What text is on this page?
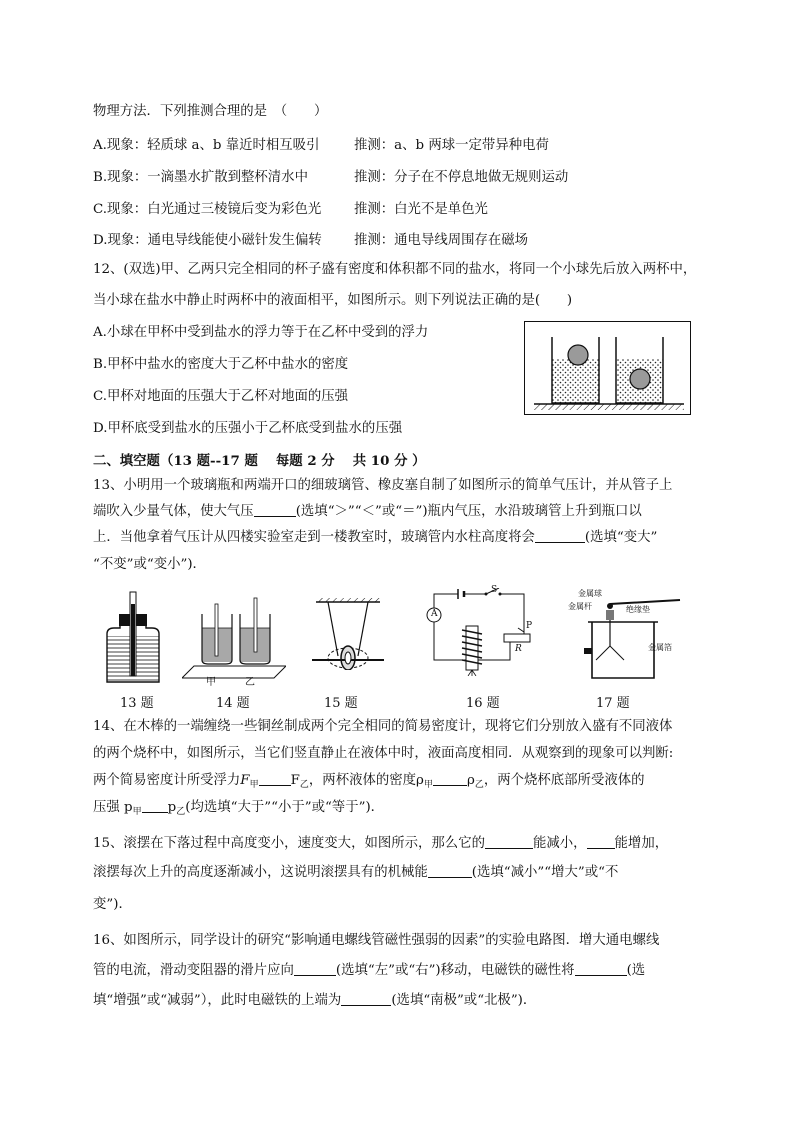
物理方法．下列推测合理的是　（　　）
A.现象：轻质球 a、b 靠近时相互吸引	推测：a、b 两球一定带异种电荷
B.现象：一滴墨水扩散到整杯清水中	推测：分子在不停息地做无规则运动
C.现象：白光通过三棱镜后变为彩色光 推测：白光不是单色光
D.现象：通电导线能使小磁针发生偏转 推测：通电导线周围存在磁场
12、(双选)甲、乙两只完全相同的杯子盛有密度和体积都不同的盐水，将同一个小球先后放入两杯中，
当小球在盐水中静止时两杯中的液面相平，如图所示。则下列说法正确的是(　　)
A.小球在甲杯中受到盐水的浮力等于在乙杯中受到的浮力
B.甲杯中盐水的密度大于乙杯中盐水的密度
C.甲杯对地面的压强大于乙杯对地面的压强
D.甲杯底受到盐水的压强小于乙杯底受到盐水的压强
二、填空题（13 题--17 题　 每题 2 分　 共 10 分 ）
13、小明用一个玻璃瓶和两端开口的细玻璃管、橡皮塞自制了如图所示的简单气压计，并从管子上
端吹入少量气体，使大气压	(选填“＞”“＜”或“＝”)瓶内气压，水沿玻璃管上升到瓶口以
上．当他拿着气压计从四楼实验室走到一楼教室时，玻璃管内水柱高度将会	(选填“变大”
“不变”或“变小”)．
甲	乙
S
A
P
R
金属球
金属杆	绝缘垫
金属箔
13 题	14 题	15 题	16 题	17 题
14、在木棒的一端缠绕一些铜丝制成两个完全相同的简易密度计，现将它们分别放入盛有不同液体
的两个烧杯中，如图所示，当它们竖直静止在液体中时，液面高度相同．从观察到的现象可以判断:
两个简易密度计所受浮力$F_甲$ $F_乙$，两杯液体的密度$\rho_甲$	$\rho_乙$，两个烧杯底部所受液体的
压强 $p_甲$ $p_乙$(均选填“大于”“小于”或“等于”)．
15、滚摆在下落过程中高度变小，速度变大，如图所示，那么它的	能减小， 能增加，
滚摆每次上升的高度逐渐减小，这说明滚摆具有的机械能	(选填“减小”“增大”或“不
变”)．
16、如图所示，同学设计的研究“影响通电螺线管磁性强弱的因素”的实验电路图．增大通电螺线
管的电流，滑动变阻器的滑片应向	(选填“左”或“右”)移动，电磁铁的磁性将	(选
填“增强”或“减弱”），此时电磁铁的上端为	(选填“南极”或“北极”)．
